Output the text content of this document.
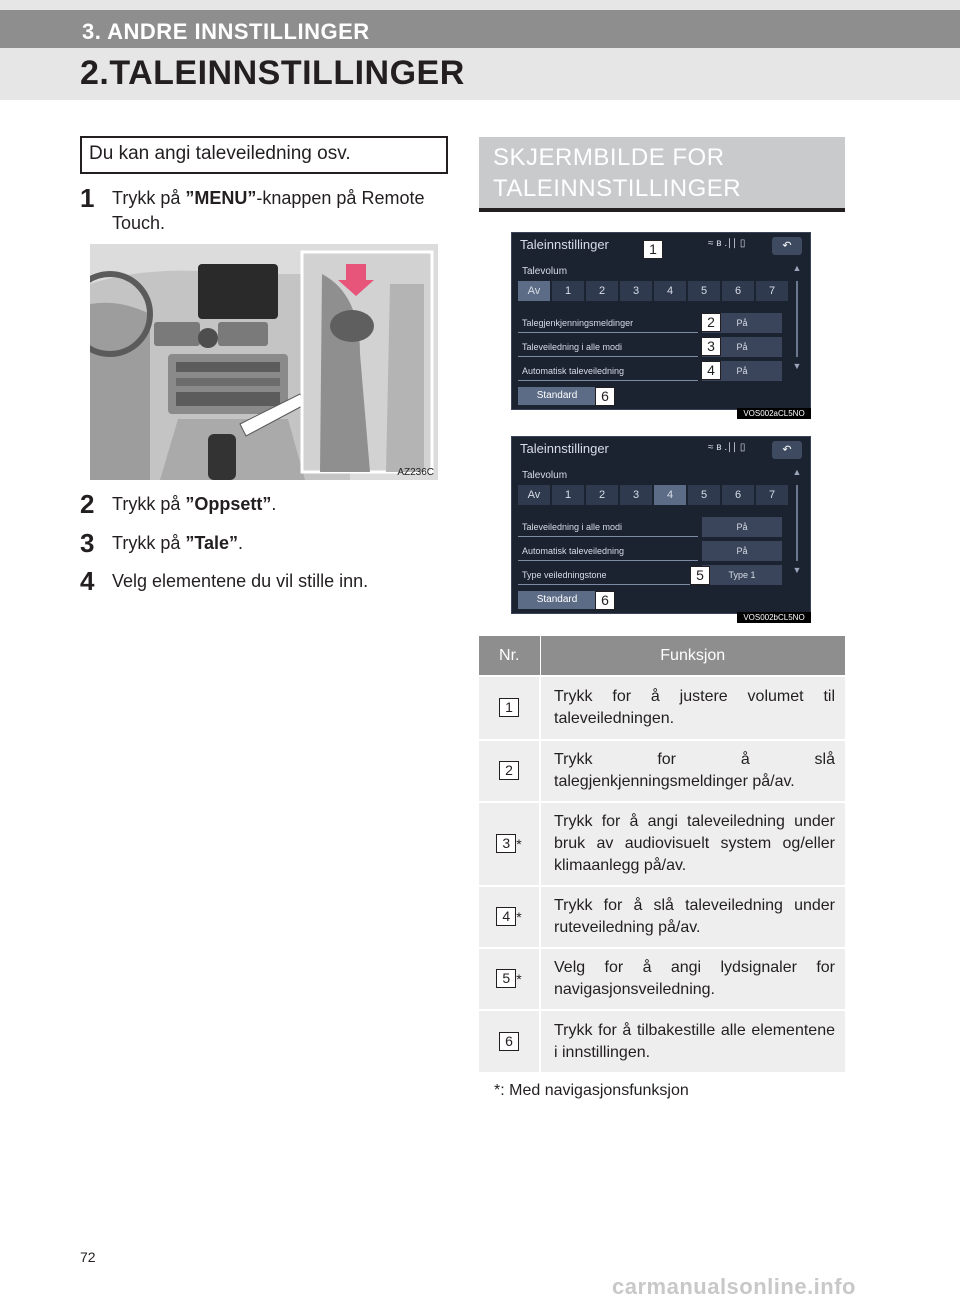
3. ANDRE INNSTILLINGER
2.TALEINNSTILLINGER
Du kan angi taleveiledning osv.
1 Trykk på ”MENU”-knappen på Remote Touch.
AZ236C
2 Trykk på ”Oppsett”.
3 Trykk på ”Tale”.
4 Velg elementene du vil stille inn.
SKJERMBILDE FOR TALEINNSTILLINGER
Taleinnstillinger	≈ ʙ .∣∣ ▯	↶
Talevolum
Av	1	2	3	4	5	6	7
Talegjenkjenningsmeldinger	På
Taleveiledning i alle modi	På
Automatisk taleveiledning	På
Standard
▲
▼
1
2
3
4
6
VOS002aCL5NO
Taleinnstillinger	≈ ʙ .∣∣ ▯	↶
Talevolum
Av	1	2	3	4	5	6	7
Taleveiledning i alle modi	På
Automatisk taleveiledning	På
Type veiledningstone	Type 1
Standard
▲
▼
5
6
VOS002bCL5NO
Nr.	Funksjon
1	Trykk for å justere volumet til taleveiledningen.
2	Trykk for å slå talegjenkjenningsmeldinger på/av.
3 *	Trykk for å angi taleveiledning under bruk av audiovisuelt system og/eller klimaanlegg på/av.
4 *	Trykk for å slå taleveiledning under ruteveiledning på/av.
5 *	Velg for å angi lydsignaler for navigasjonsveiledning.
6	Trykk for å tilbakestille alle elementene i innstillingen.
*: Med navigasjonsfunksjon
72
carmanualsonline.info
